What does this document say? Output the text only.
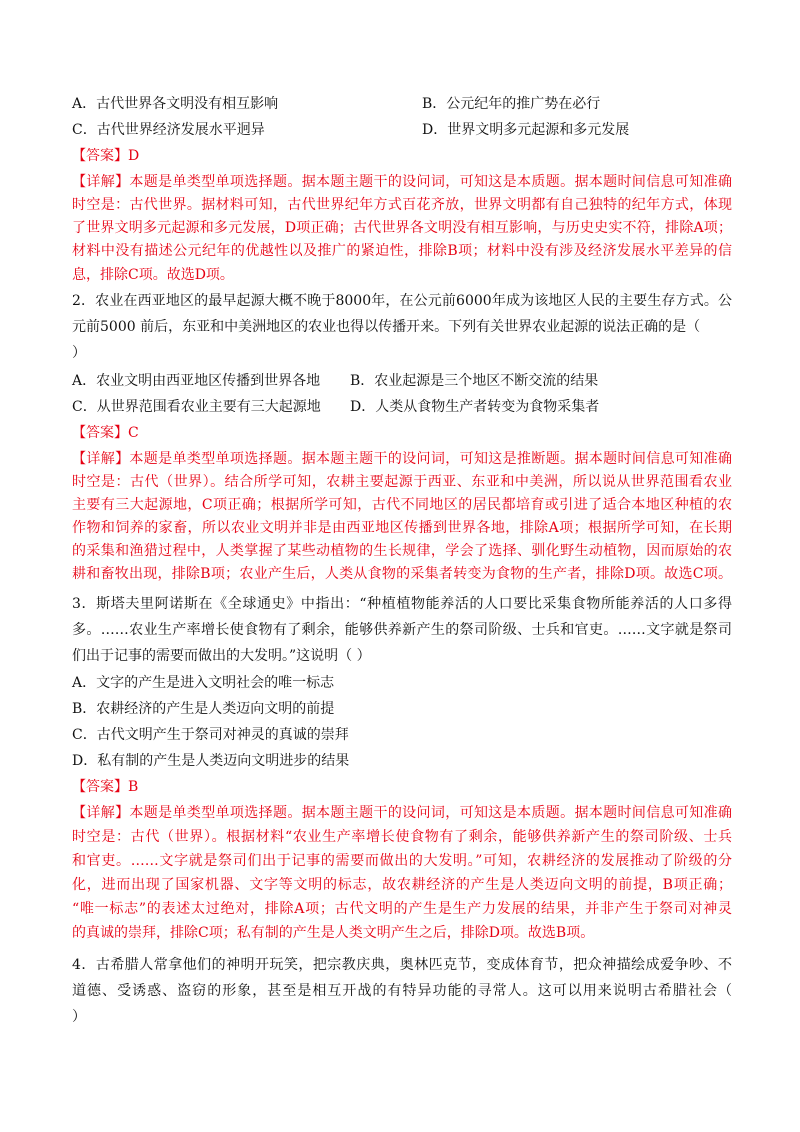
A．古代世界各文明没有相互影响	B．公元纪年的推广势在必行
C．古代世界经济发展水平迥异	D．世界文明多元起源和多元发展
【答案】D
【详解】本题是单类型单项选择题。据本题主题干的设问词，可知这是本质题。据本题时间信息可知准确
时空是：古代世界。据材料可知，古代世界纪年方式百花齐放，世界文明都有自己独特的纪年方式，体现
了世界文明多元起源和多元发展，D项正确；古代世界各文明没有相互影响，与历史史实不符，排除A项；
材料中没有描述公元纪年的优越性以及推广的紧迫性，排除B项；材料中没有涉及经济发展水平差异的信
息，排除C项。故选D项。
2．农业在西亚地区的最早起源大概不晚于8000年，在公元前6000年成为该地区人民的主要生存方式。公
元前5000 前后，东亚和中美洲地区的农业也得以传播开来。下列有关世界农业起源的说法正确的是（
）
A．农业文明由西亚地区传播到世界各地 B．农业起源是三个地区不断交流的结果
C．从世界范围看农业主要有三大起源地 D．人类从食物生产者转变为食物采集者
【答案】C
【详解】本题是单类型单项选择题。据本题主题干的设问词，可知这是推断题。据本题时间信息可知准确
时空是：古代（世界）。结合所学可知，农耕主要起源于西亚、东亚和中美洲，所以说从世界范围看农业
主要有三大起源地，C项正确；根据所学可知，古代不同地区的居民都培育或引进了适合本地区种植的农
作物和饲养的家畜，所以农业文明并非是由西亚地区传播到世界各地，排除A项；根据所学可知，在长期
的采集和渔猎过程中，人类掌握了某些动植物的生长规律，学会了选择、驯化野生动植物，因而原始的农
耕和畜牧出现，排除B项；农业产生后，人类从食物的采集者转变为食物的生产者，排除D项。故选C项。
3．斯塔夫里阿诺斯在《全球通史》中指出：“种植植物能养活的人口要比采集食物所能养活的人口多得
多。……农业生产率增长使食物有了剩余，能够供养新产生的祭司阶级、士兵和官吏。……文字就是祭司
们出于记事的需要而做出的大发明。”这说明（ ）
A．文字的产生是进入文明社会的唯一标志
B．农耕经济的产生是人类迈向文明的前提
C．古代文明产生于祭司对神灵的真诚的崇拜
D．私有制的产生是人类迈向文明进步的结果
【答案】B
【详解】本题是单类型单项选择题。据本题主题干的设问词，可知这是本质题。据本题时间信息可知准确
时空是：古代（世界）。根据材料“农业生产率增长使食物有了剩余，能够供养新产生的祭司阶级、士兵
和官吏。……文字就是祭司们出于记事的需要而做出的大发明。”可知，农耕经济的发展推动了阶级的分
化，进而出现了国家机器、文字等文明的标志，故农耕经济的产生是人类迈向文明的前提，B项正确；
“唯一标志”的表述太过绝对，排除A项；古代文明的产生是生产力发展的结果，并非产生于祭司对神灵
的真诚的崇拜，排除C项；私有制的产生是人类文明产生之后，排除D项。故选B项。
4．古希腊人常拿他们的神明开玩笑，把宗教庆典，奥林匹克节，变成体育节，把众神描绘成爱争吵、不
道德、受诱惑、盗窃的形象，甚至是相互开战的有特异功能的寻常人。这可以用来说明古希腊社会（
）
